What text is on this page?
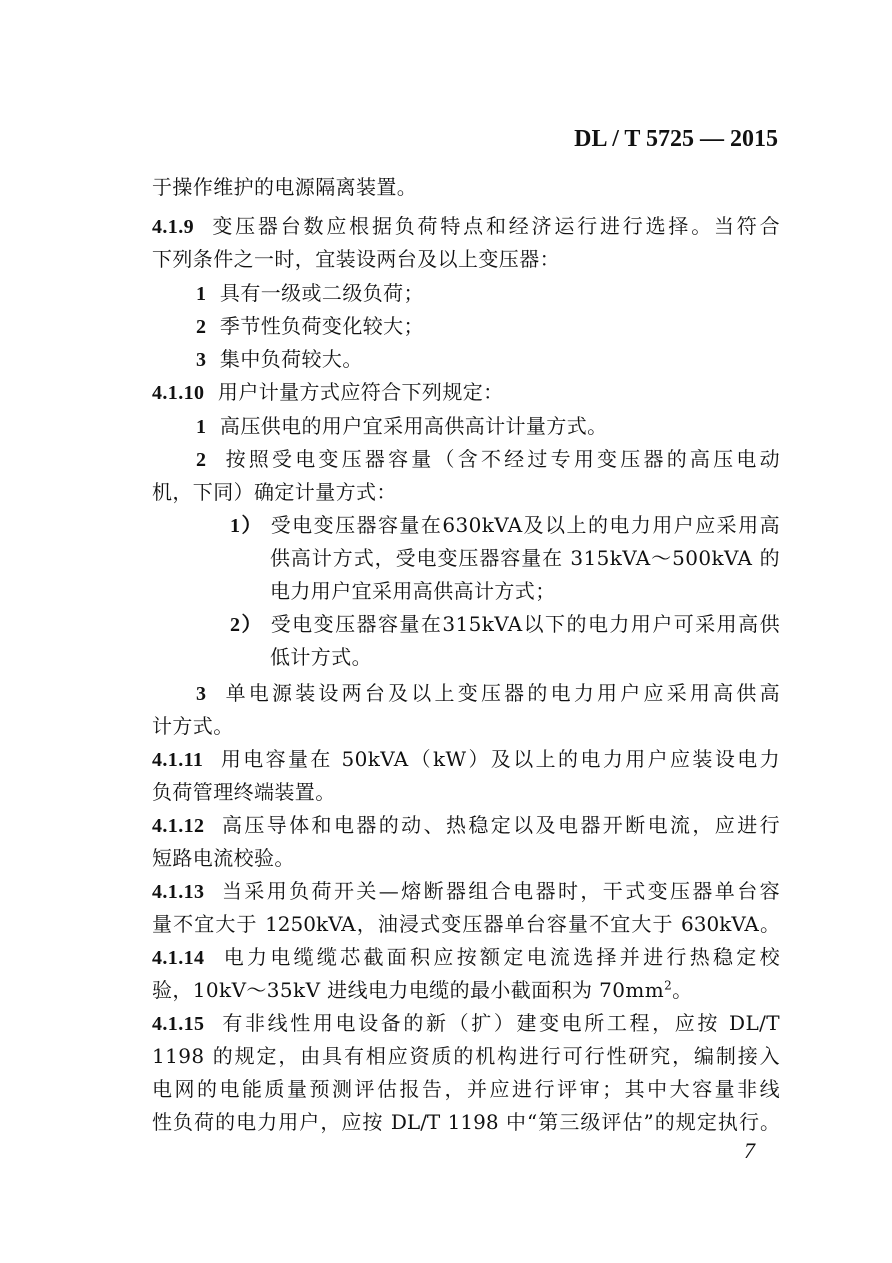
DL / T 5725 — 2015
于操作维护的电源隔离装置。
4.1.9 变压器台数应根据负荷特点和经济运行进行选择。当符合
下列条件之一时，宜装设两台及以上变压器：
1 具有一级或二级负荷；
2 季节性负荷变化较大；
3 集中负荷较大。
4.1.10 用户计量方式应符合下列规定：
1 高压供电的用户宜采用高供高计计量方式。
2 按照受电变压器容量（含不经过专用变压器的高压电动
机，下同）确定计量方式：
1） 受电变压器容量在630kVA及以上的电力用户应采用高
供高计方式，受电变压器容量在 315kVA～500kVA 的
电力用户宜采用高供高计方式；
2） 受电变压器容量在315kVA以下的电力用户可采用高供
低计方式。
3 单电源装设两台及以上变压器的电力用户应采用高供高
计方式。
4.1.11 用电容量在 50kVA（kW）及以上的电力用户应装设电力
负荷管理终端装置。
4.1.12 高压导体和电器的动、热稳定以及电器开断电流，应进行
短路电流校验。
4.1.13 当采用负荷开关—熔断器组合电器时，干式变压器单台容
量不宜大于 1250kVA，油浸式变压器单台容量不宜大于 630kVA。
4.1.14 电力电缆缆芯截面积应按额定电流选择并进行热稳定校
验，10kV～35kV 进线电力电缆的最小截面积为 $70mm^2$。
4.1.15 有非线性用电设备的新（扩）建变电所工程，应按 DL/T
1198 的规定，由具有相应资质的机构进行可行性研究，编制接入
电网的电能质量预测评估报告，并应进行评审；其中大容量非线
性负荷的电力用户，应按 DL/T 1198 中“第三级评估”的规定执行。
7
